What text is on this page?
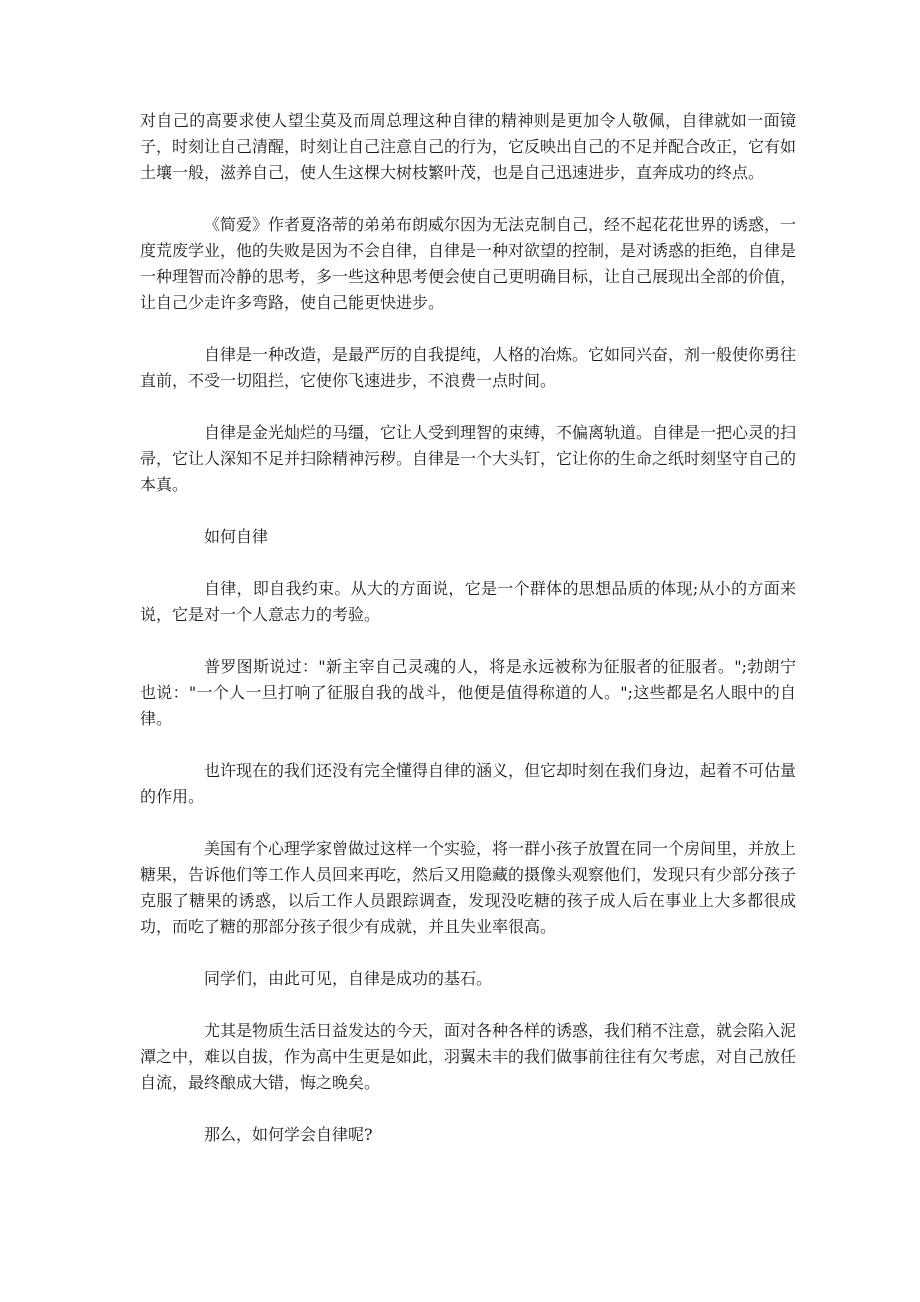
对自己的高要求使人望尘莫及而周总理这种自律的精神则是更加令人敬佩，自律就如一面镜子，时刻让自己清醒，时刻让自己注意自己的行为，它反映出自己的不足并配合改正，它有如土壤一般，滋养自己，使人生这棵大树枝繁叶茂，也是自己迅速进步，直奔成功的终点。

《简爱》作者夏洛蒂的弟弟布朗威尔因为无法克制自己，经不起花花世界的诱惑，一度荒废学业，他的失败是因为不会自律，自律是一种对欲望的控制，是对诱惑的拒绝，自律是一种理智而冷静的思考，多一些这种思考便会使自己更明确目标，让自己展现出全部的价值，让自己少走许多弯路，使自己能更快进步。

自律是一种改造，是最严厉的自我提纯，人格的冶炼。它如同兴奋，剂一般使你勇往直前，不受一切阻拦，它使你飞速进步，不浪费一点时间。

自律是金光灿烂的马缰，它让人受到理智的束缚，不偏离轨道。自律是一把心灵的扫帚，它让人深知不足并扫除精神污秽。自律是一个大头钉，它让你的生命之纸时刻坚守自己的本真。

如何自律

自律，即自我约束。从大的方面说，它是一个群体的思想品质的体现;从小的方面来说，它是对一个人意志力的考验。

普罗图斯说过："新主宰自己灵魂的人，将是永远被称为征服者的征服者。";勃朗宁也说："一个人一旦打响了征服自我的战斗，他便是值得称道的人。";这些都是名人眼中的自律。

也许现在的我们还没有完全懂得自律的涵义，但它却时刻在我们身边，起着不可估量的作用。

美国有个心理学家曾做过这样一个实验，将一群小孩子放置在同一个房间里，并放上糖果，告诉他们等工作人员回来再吃，然后又用隐藏的摄像头观察他们，发现只有少部分孩子克服了糖果的诱惑，以后工作人员跟踪调查，发现没吃糖的孩子成人后在事业上大多都很成功，而吃了糖的那部分孩子很少有成就，并且失业率很高。

同学们，由此可见，自律是成功的基石。

尤其是物质生活日益发达的今天，面对各种各样的诱惑，我们稍不注意，就会陷入泥潭之中，难以自拔，作为高中生更是如此，羽翼未丰的我们做事前往往有欠考虑，对自己放任自流，最终酿成大错，悔之晚矣。

那么，如何学会自律呢?
